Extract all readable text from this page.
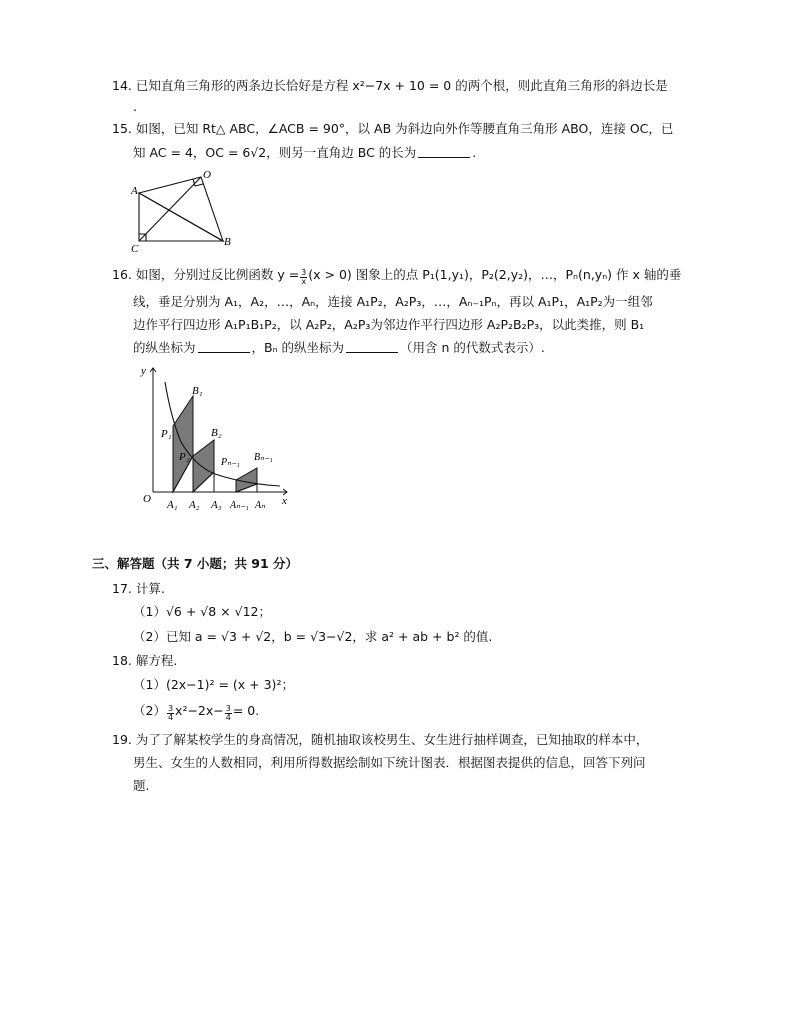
14. 已知直角三角形的两条边长恰好是方程 x²−7x + 10 = 0 的两个根，则此直角三角形的斜边长是
.
15. 如图，已知 Rt△ ABC，∠ACB = 90°，以 AB 为斜边向外作等腰直角三角形 ABO，连接 OC，已
知 AC = 4，OC = 6√2，则另一直角边 BC 的长为	.
O
A
C
B
16. 如图，分别过反比例函数 $y = \frac{3}{x} (x > 0)$ 图象上的点 P₁(1,y₁)，P₂(2,y₂)，…，Pₙ(n,yₙ) 作 x 轴的垂
线，垂足分别为 A₁，A₂，…，Aₙ，连接 A₁P₂，A₂P₃，…，Aₙ₋₁Pₙ，再以 A₁P₁，A₁P₂为一组邻
边作平行四边形 A₁P₁B₁P₂，以 A₂P₂，A₂P₃为邻边作平行四边形 A₂P₂B₂P₃，以此类推，则 B₁
的纵坐标为	，Bₙ 的纵坐标为	（用含 n 的代数式表示）.
y
x
O
B₁
B₂
Bₙ₋₁
P₁
P₂	Pₙ₋₁
A₁ A₂ A₃ Aₙ₋₁ Aₙ
三、解答题（共 7 小题；共 91 分）
17. 计算.
（1）√6 + √8 × √12；
（2）已知 a = √3 + √2，b = √3−√2，求 a² + ab + b² 的值.
18. 解方程.
（1）(2x−1)² = (x + 3)²；
$(2) \frac{3}{4} x^2-2x- \frac{3}{4} = 0$.
19. 为了了解某校学生的身高情况，随机抽取该校男生、女生进行抽样调查，已知抽取的样本中，
男生、女生的人数相同，利用所得数据绘制如下统计图表．根据图表提供的信息，回答下列问
题.
